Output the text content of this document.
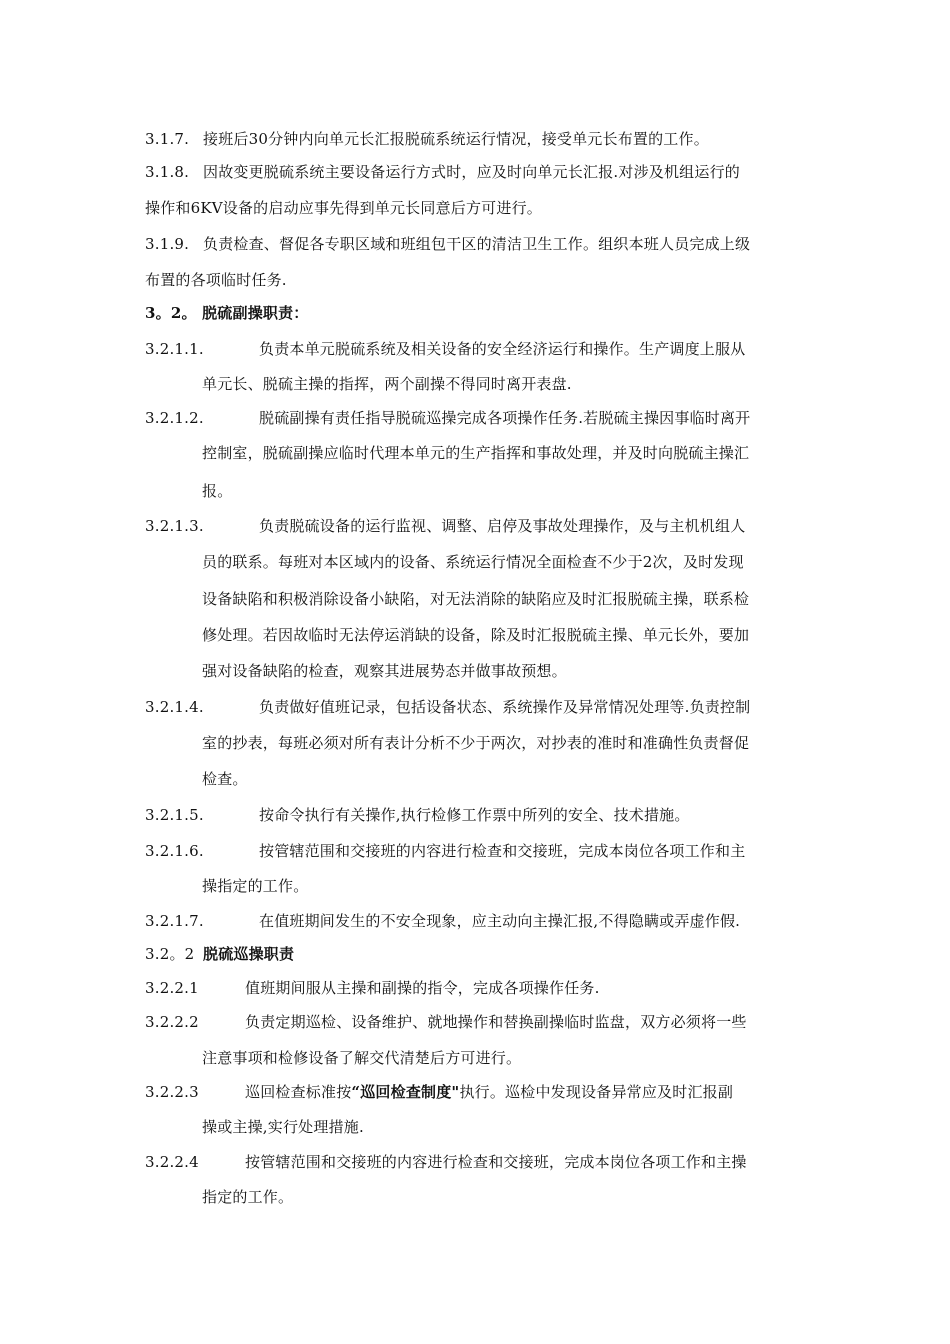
3.1.7. 接班后30分钟内向单元长汇报脱硫系统运行情况，接受单元长布置的工作。
3.1.8. 因故变更脱硫系统主要设备运行方式时，应及时向单元长汇报.对涉及机组运行的
操作和6KV设备的启动应事先得到单元长同意后方可进行。
3.1.9. 负责检查、督促各专职区域和班组包干区的清洁卫生工作。组织本班人员完成上级
布置的各项临时任务.
3。2。 脱硫副操职责：
3.2.1.1.	负责本单元脱硫系统及相关设备的安全经济运行和操作。生产调度上服从
单元长、脱硫主操的指挥，两个副操不得同时离开表盘.
3.2.1.2.	脱硫副操有责任指导脱硫巡操完成各项操作任务.若脱硫主操因事临时离开
控制室，脱硫副操应临时代理本单元的生产指挥和事故处理，并及时向脱硫主操汇
报。
3.2.1.3.	负责脱硫设备的运行监视、调整、启停及事故处理操作，及与主机机组人
员的联系。每班对本区域内的设备、系统运行情况全面检查不少于2次，及时发现
设备缺陷和积极消除设备小缺陷，对无法消除的缺陷应及时汇报脱硫主操，联系检
修处理。若因故临时无法停运消缺的设备，除及时汇报脱硫主操、单元长外，要加
强对设备缺陷的检查，观察其进展势态并做事故预想。
3.2.1.4.	负责做好值班记录，包括设备状态、系统操作及异常情况处理等.负责控制
室的抄表，每班必须对所有表计分析不少于两次，对抄表的准时和准确性负责督促
检查。
3.2.1.5.	按命令执行有关操作,执行检修工作票中所列的安全、技术措施。
3.2.1.6.	按管辖范围和交接班的内容进行检查和交接班，完成本岗位各项工作和主
操指定的工作。
3.2.1.7.	在值班期间发生的不安全现象，应主动向主操汇报,不得隐瞒或弄虚作假.
3.2。2 脱硫巡操职责
3.2.2.1	值班期间服从主操和副操的指令，完成各项操作任务.
3.2.2.2	负责定期巡检、设备维护、就地操作和替换副操临时监盘，双方必须将一些
注意事项和检修设备了解交代清楚后方可进行。
3.2.2.3	巡回检查标准按“巡回检查制度"执行。巡检中发现设备异常应及时汇报副
操或主操,实行处理措施.
3.2.2.4	按管辖范围和交接班的内容进行检查和交接班，完成本岗位各项工作和主操
指定的工作。
